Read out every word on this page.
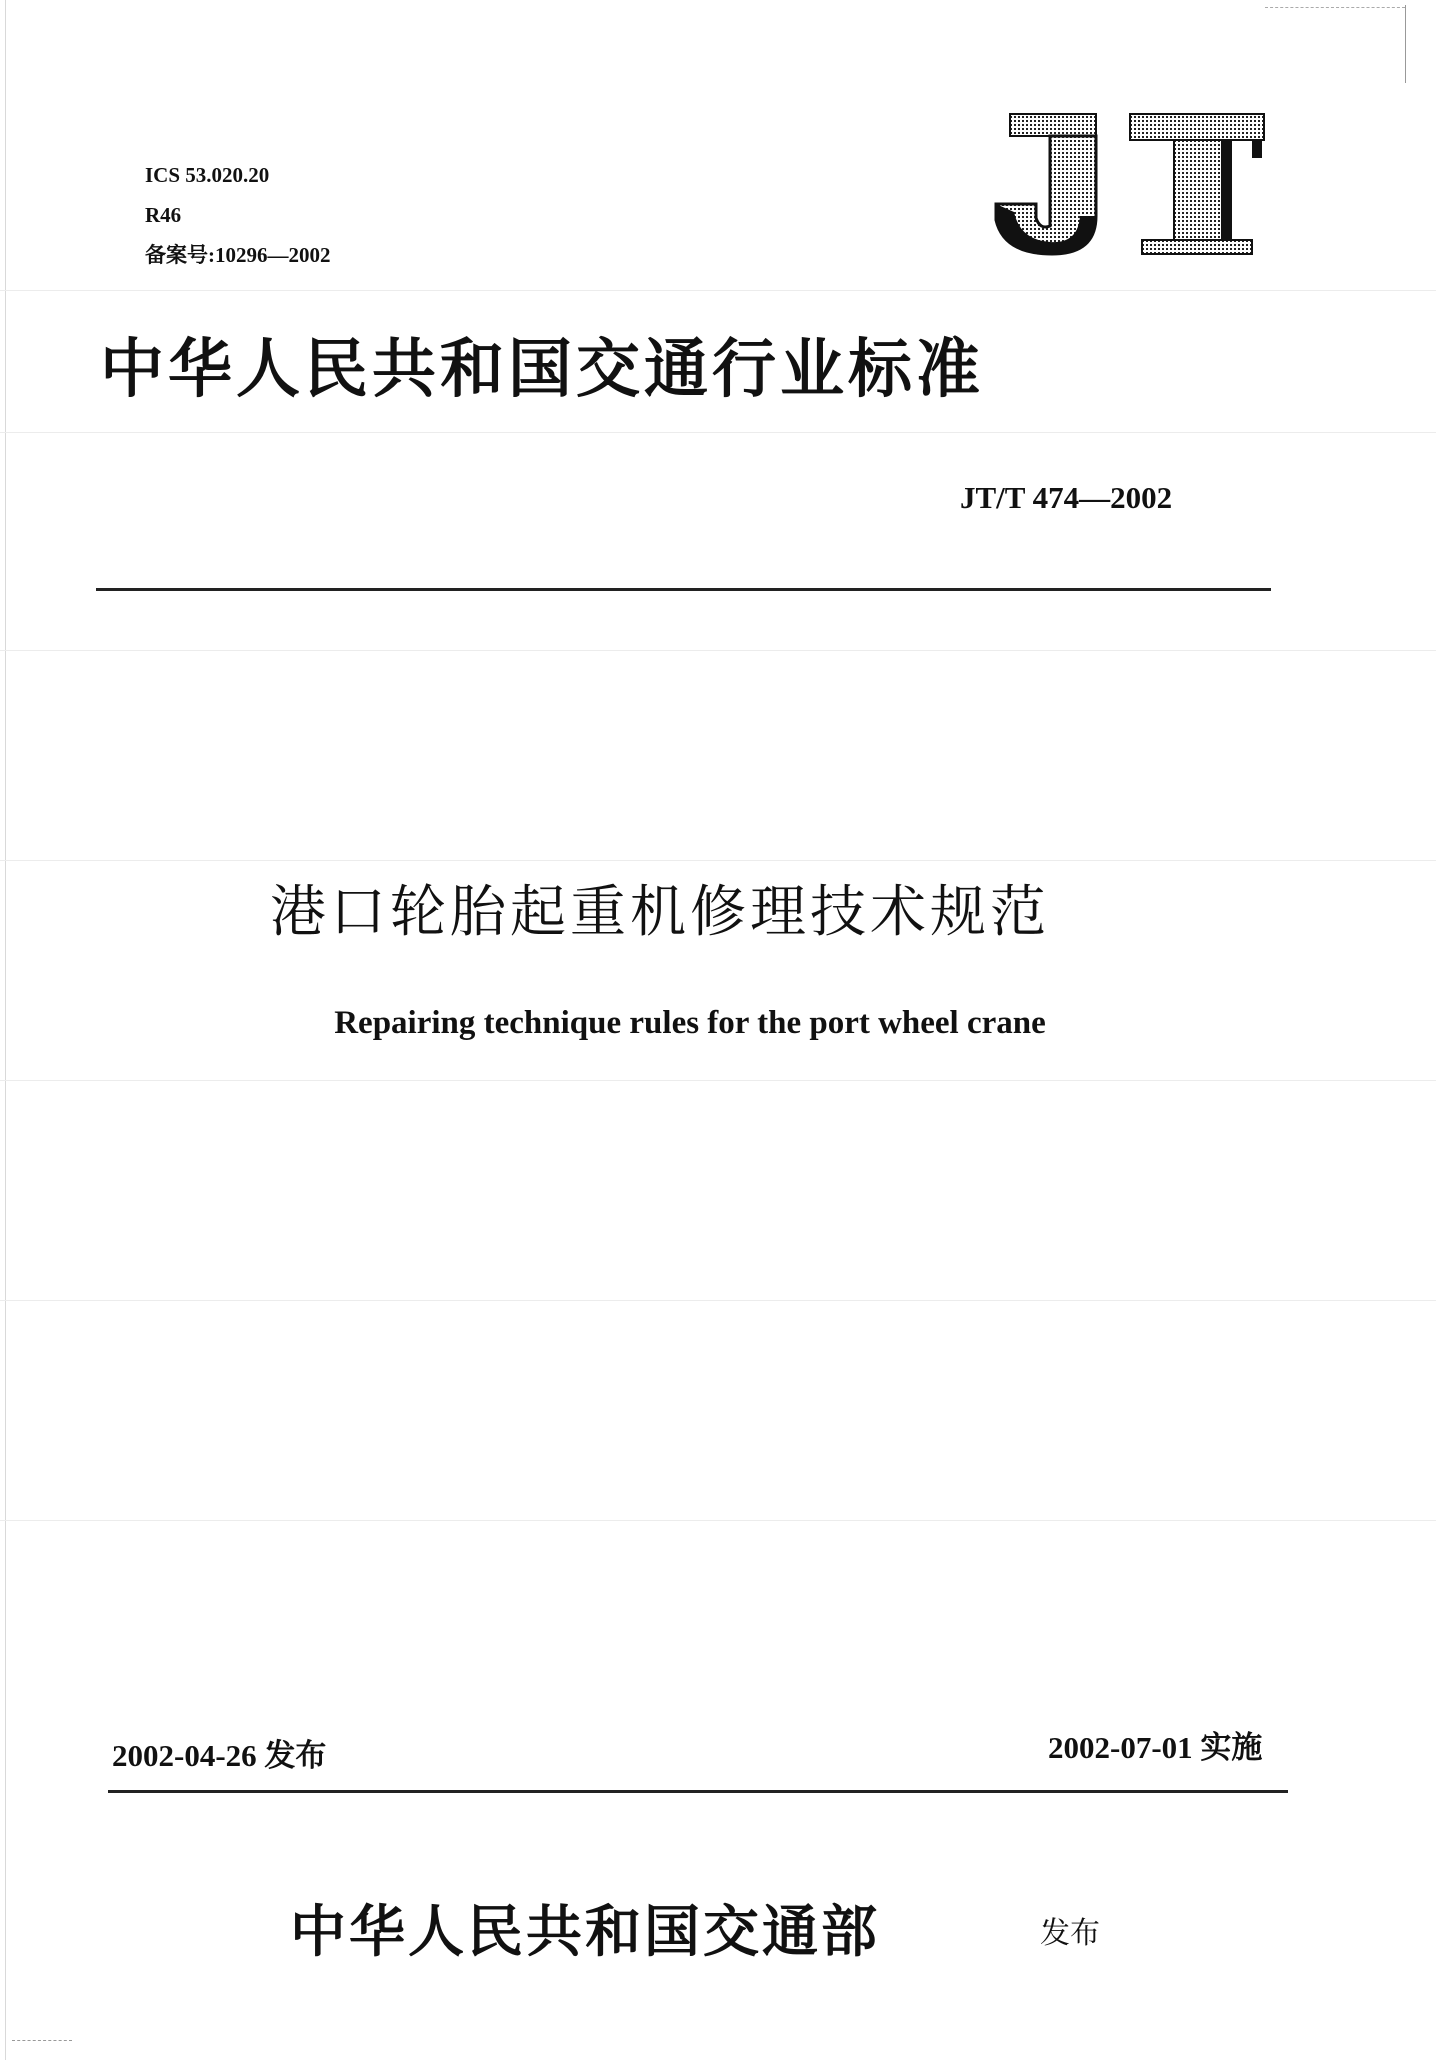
ICS 53.020.20
R46
备案号:10296—2002
中华人民共和国交通行业标准
JT/T 474—2002
港口轮胎起重机修理技术规范
Repairing technique rules for the port wheel crane
2002-04-26 发布	2002-07-01 实施
中华人民共和国交通部	发布
